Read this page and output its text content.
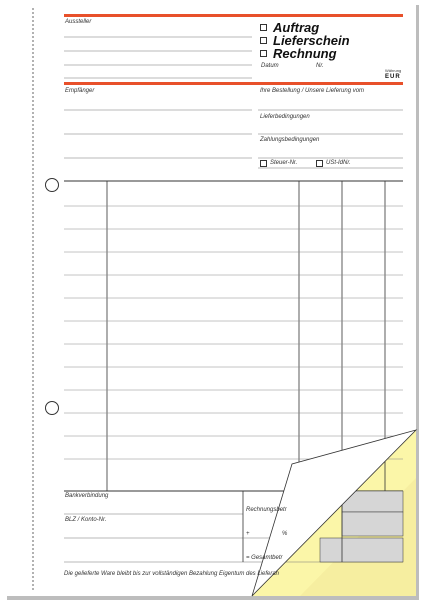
Aussteller	Auftrag
Lieferschein
Rechnung
Datum	Nr.
Währung
EUR
Empfänger	Ihre Bestellung / Unsere Lieferung vom
Lieferbedingungen
Zahlungsbedingungen
Steuer-Nr.	USt-IdNr.
Bankverbindung
BLZ / Konto-Nr.
Rechnungsbetr
+	%
= Gesamtbetr
Die gelieferte Ware bleibt bis zur vollständigen Bezahlung Eigentum des Lieferan
